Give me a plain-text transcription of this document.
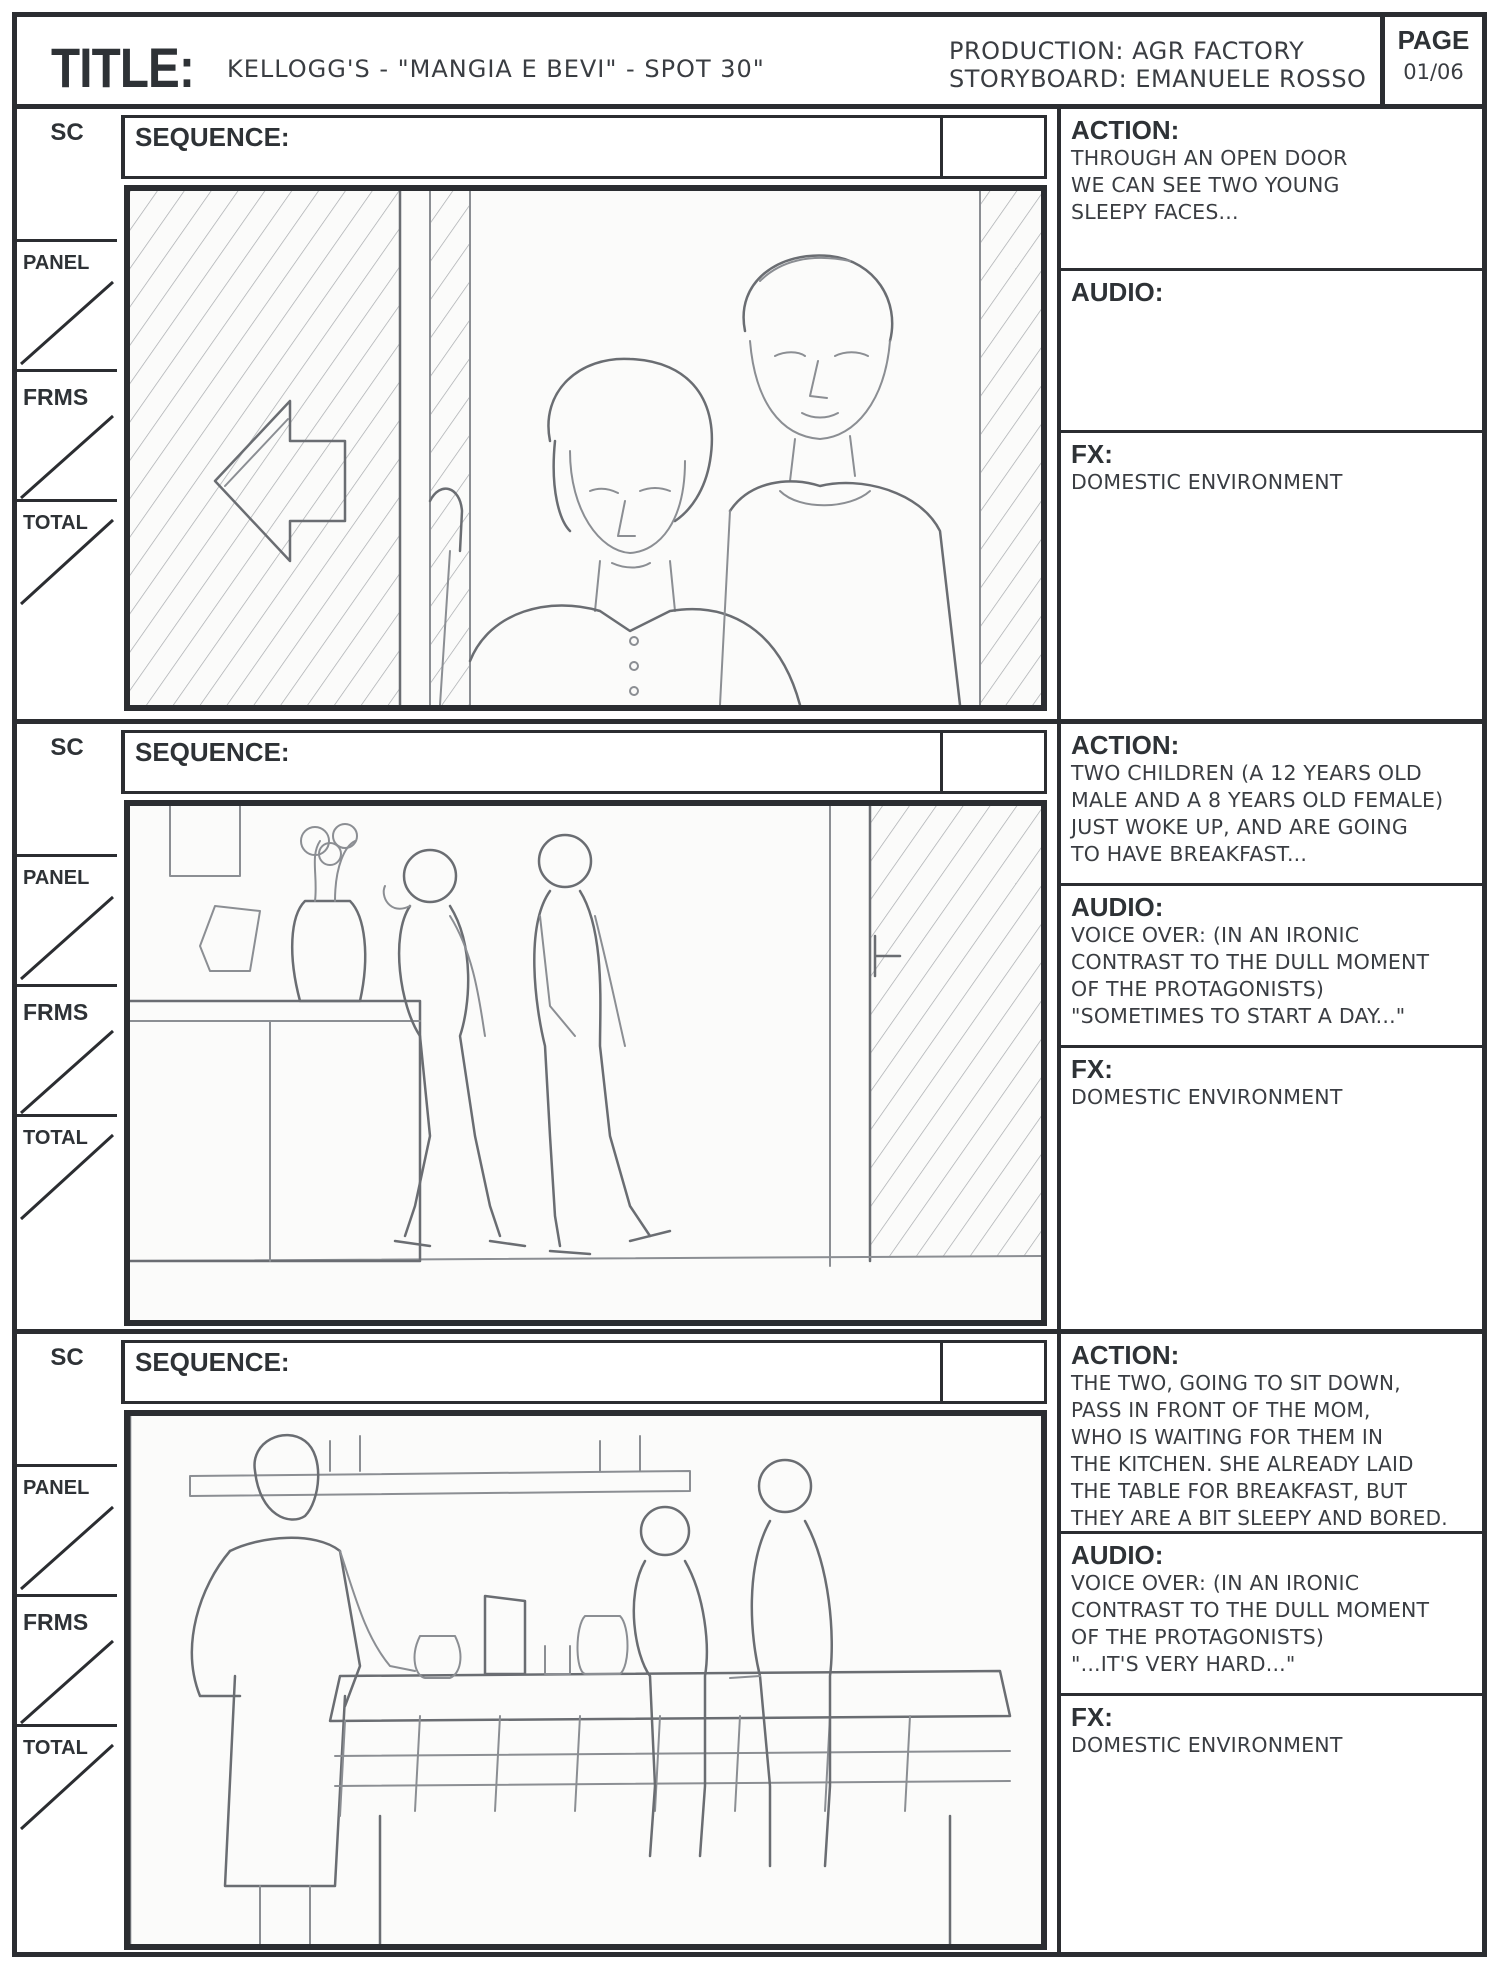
TITLE: KELLOGG'S - "MANGIA E BEVI" - SPOT 30"
PRODUCTION: AGR FACTORY
STORYBOARD: EMANUELE ROSSO
PAGE
01/06
SC
PANEL
FRMS
TOTAL
SEQUENCE:	ACTION:
THROUGH AN OPEN DOOR
WE CAN SEE TWO YOUNG
SLEEPY FACES...
AUDIO:
FX:
DOMESTIC ENVIRONMENT
SC
PANEL
FRMS
TOTAL
SEQUENCE:	ACTION:
TWO CHILDREN (A 12 YEARS OLD
MALE AND A 8 YEARS OLD FEMALE)
JUST WOKE UP, AND ARE GOING
TO HAVE BREAKFAST...
AUDIO:
VOICE OVER: (IN AN IRONIC
CONTRAST TO THE DULL MOMENT
OF THE PROTAGONISTS)
"SOMETIMES TO START A DAY..."
FX:
DOMESTIC ENVIRONMENT
SC
PANEL
FRMS
TOTAL
SEQUENCE:	ACTION:
THE TWO, GOING TO SIT DOWN,
PASS IN FRONT OF THE MOM,
WHO IS WAITING FOR THEM IN
THE KITCHEN. SHE ALREADY LAID
THE TABLE FOR BREAKFAST, BUT
THEY ARE A BIT SLEEPY AND BORED.
AUDIO:
VOICE OVER: (IN AN IRONIC
CONTRAST TO THE DULL MOMENT
OF THE PROTAGONISTS)
"...IT'S VERY HARD..."
FX:
DOMESTIC ENVIRONMENT
